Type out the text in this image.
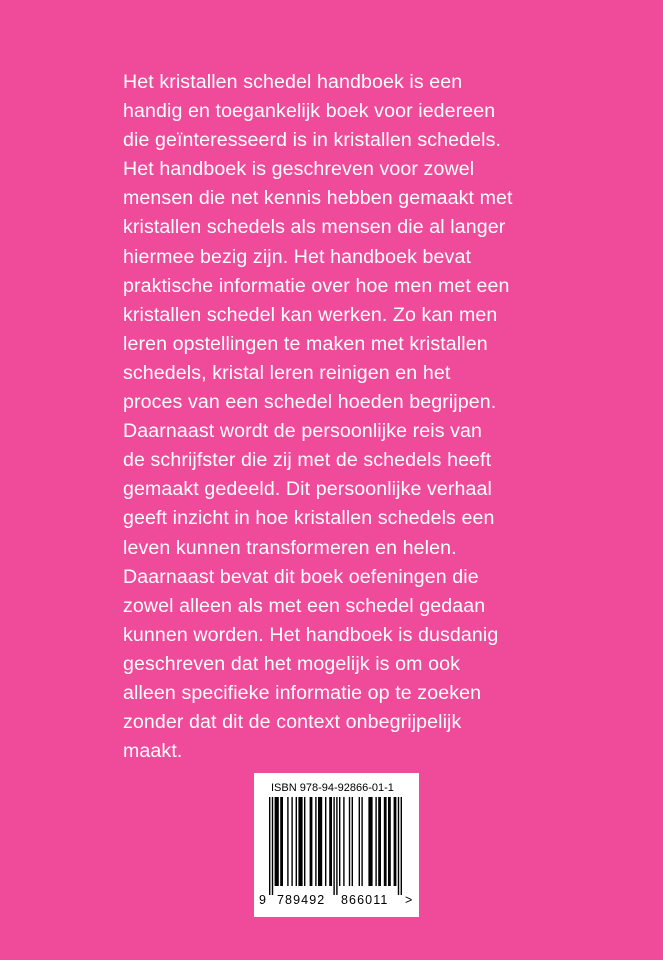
Het kristallen schedel handboek is een
handig en toegankelijk boek voor iedereen
die geïnteresseerd is in kristallen schedels.
Het handboek is geschreven voor zowel
mensen die net kennis hebben gemaakt met
kristallen schedels als mensen die al langer
hiermee bezig zijn. Het handboek bevat
praktische informatie over hoe men met een
kristallen schedel kan werken. Zo kan men
leren opstellingen te maken met kristallen
schedels, kristal leren reinigen en het
proces van een schedel hoeden begrijpen.
Daarnaast wordt de persoonlijke reis van
de schrijfster die zij met de schedels heeft
gemaakt gedeeld. Dit persoonlijke verhaal
geeft inzicht in hoe kristallen schedels een
leven kunnen transformeren en helen.
Daarnaast bevat dit boek oefeningen die
zowel alleen als met een schedel gedaan
kunnen worden. Het handboek is dusdanig
geschreven dat het mogelijk is om ook
alleen specifieke informatie op te zoeken
zonder dat dit de context onbegrijpelijk
maakt.

ISBN 978-94-92866-01-1
9 789492 866011 >
